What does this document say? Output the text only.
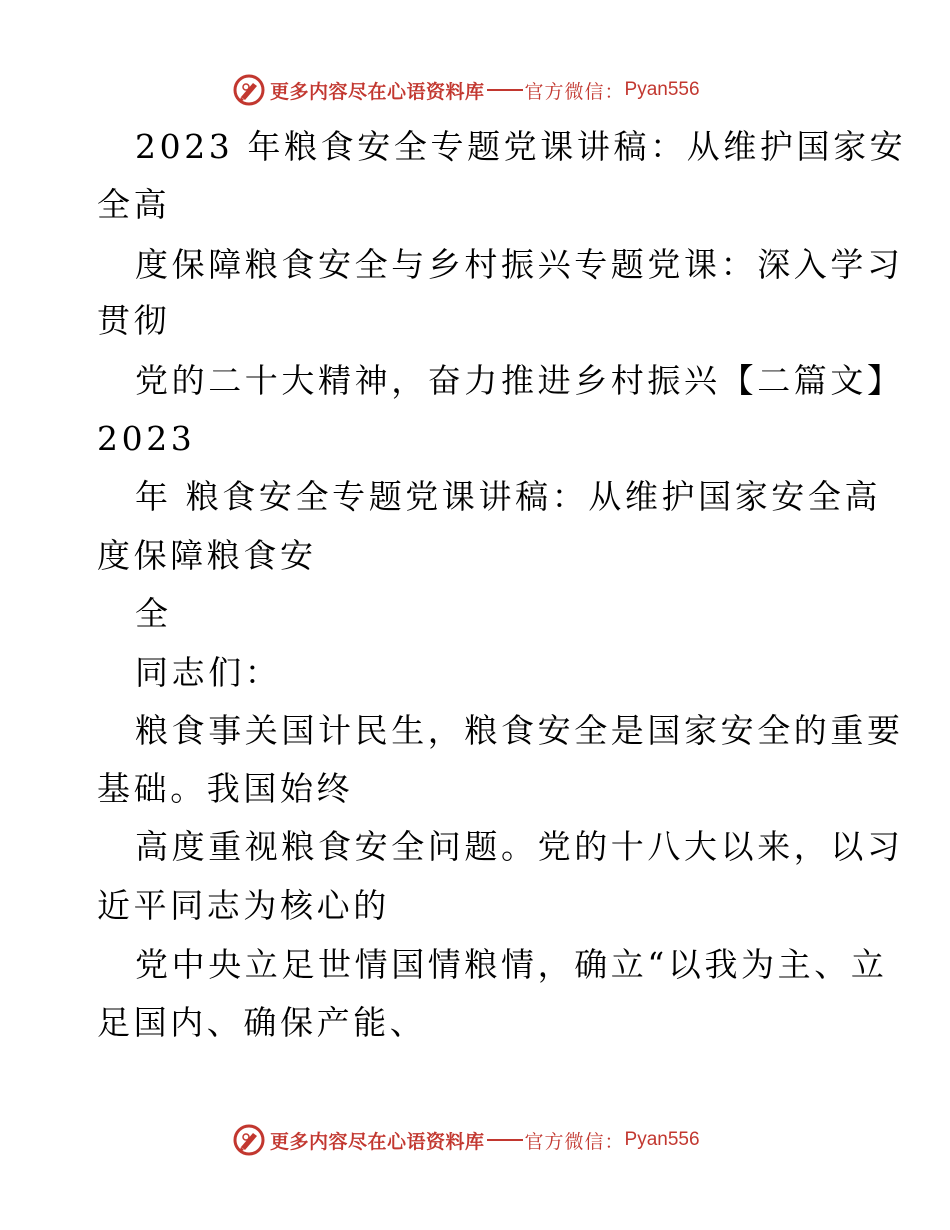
更多内容尽在心语资料库 官方微信： Pyan556
2023 年粮食安全专题党课讲稿：从维护国家安
全高
度保障粮食安全与乡村振兴专题党课：深入学习
贯彻
党的二十大精神，奋力推进乡村振兴【二篇文】
2023
年 粮食安全专题党课讲稿：从维护国家安全高
度保障粮食安
全
同志们：
粮食事关国计民生，粮食安全是国家安全的重要
基础。我国始终
高度重视粮食安全问题。党的十八大以来，以习
近平同志为核心的
党中央立足世情国情粮情，确立“以我为主、立
足国内、确保产能、
更多内容尽在心语资料库 官方微信： Pyan556
